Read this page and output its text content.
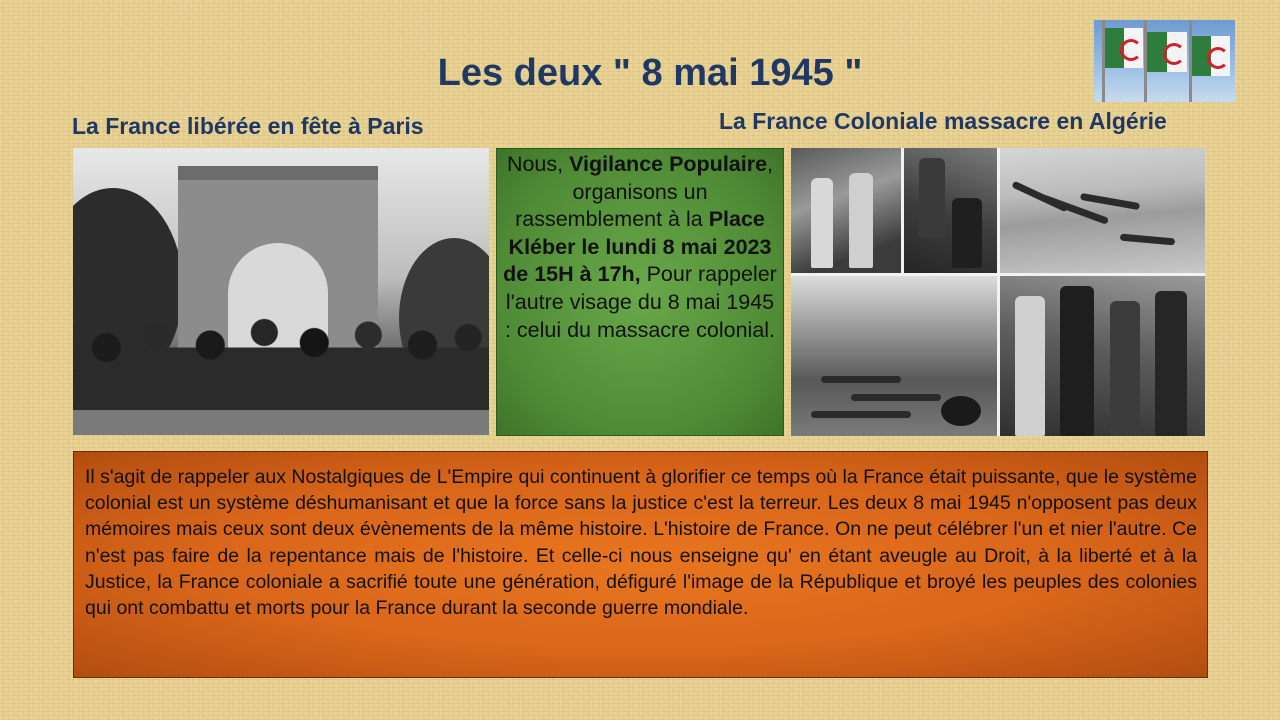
Les deux " 8 mai 1945 "
La France libérée en fête à Paris	La France Coloniale massacre en Algérie
Nous, Vigilance Populaire, organisons un rassemblement à la Place Kléber le lundi 8 mai 2023 de 15H à 17h, Pour rappeler l'autre visage du 8 mai 1945 : celui du massacre colonial.
Il s'agit de rappeler aux Nostalgiques de L'Empire qui continuent à glorifier ce temps où la France était puissante, que le système colonial est un système déshumanisant et que la force sans la justice c'est la terreur. Les deux 8 mai 1945 n'opposent pas deux mémoires mais ceux sont deux évènements de la même histoire. L'histoire de France. On ne peut célébrer l'un et nier l'autre. Ce n'est pas faire de la repentance mais de l'histoire. Et celle-ci nous enseigne qu' en étant aveugle au Droit, à la liberté et à la Justice, la France coloniale a sacrifié toute une génération, défiguré l'image de la République et broyé les peuples des colonies qui ont combattu et morts pour la France durant la seconde guerre mondiale.
